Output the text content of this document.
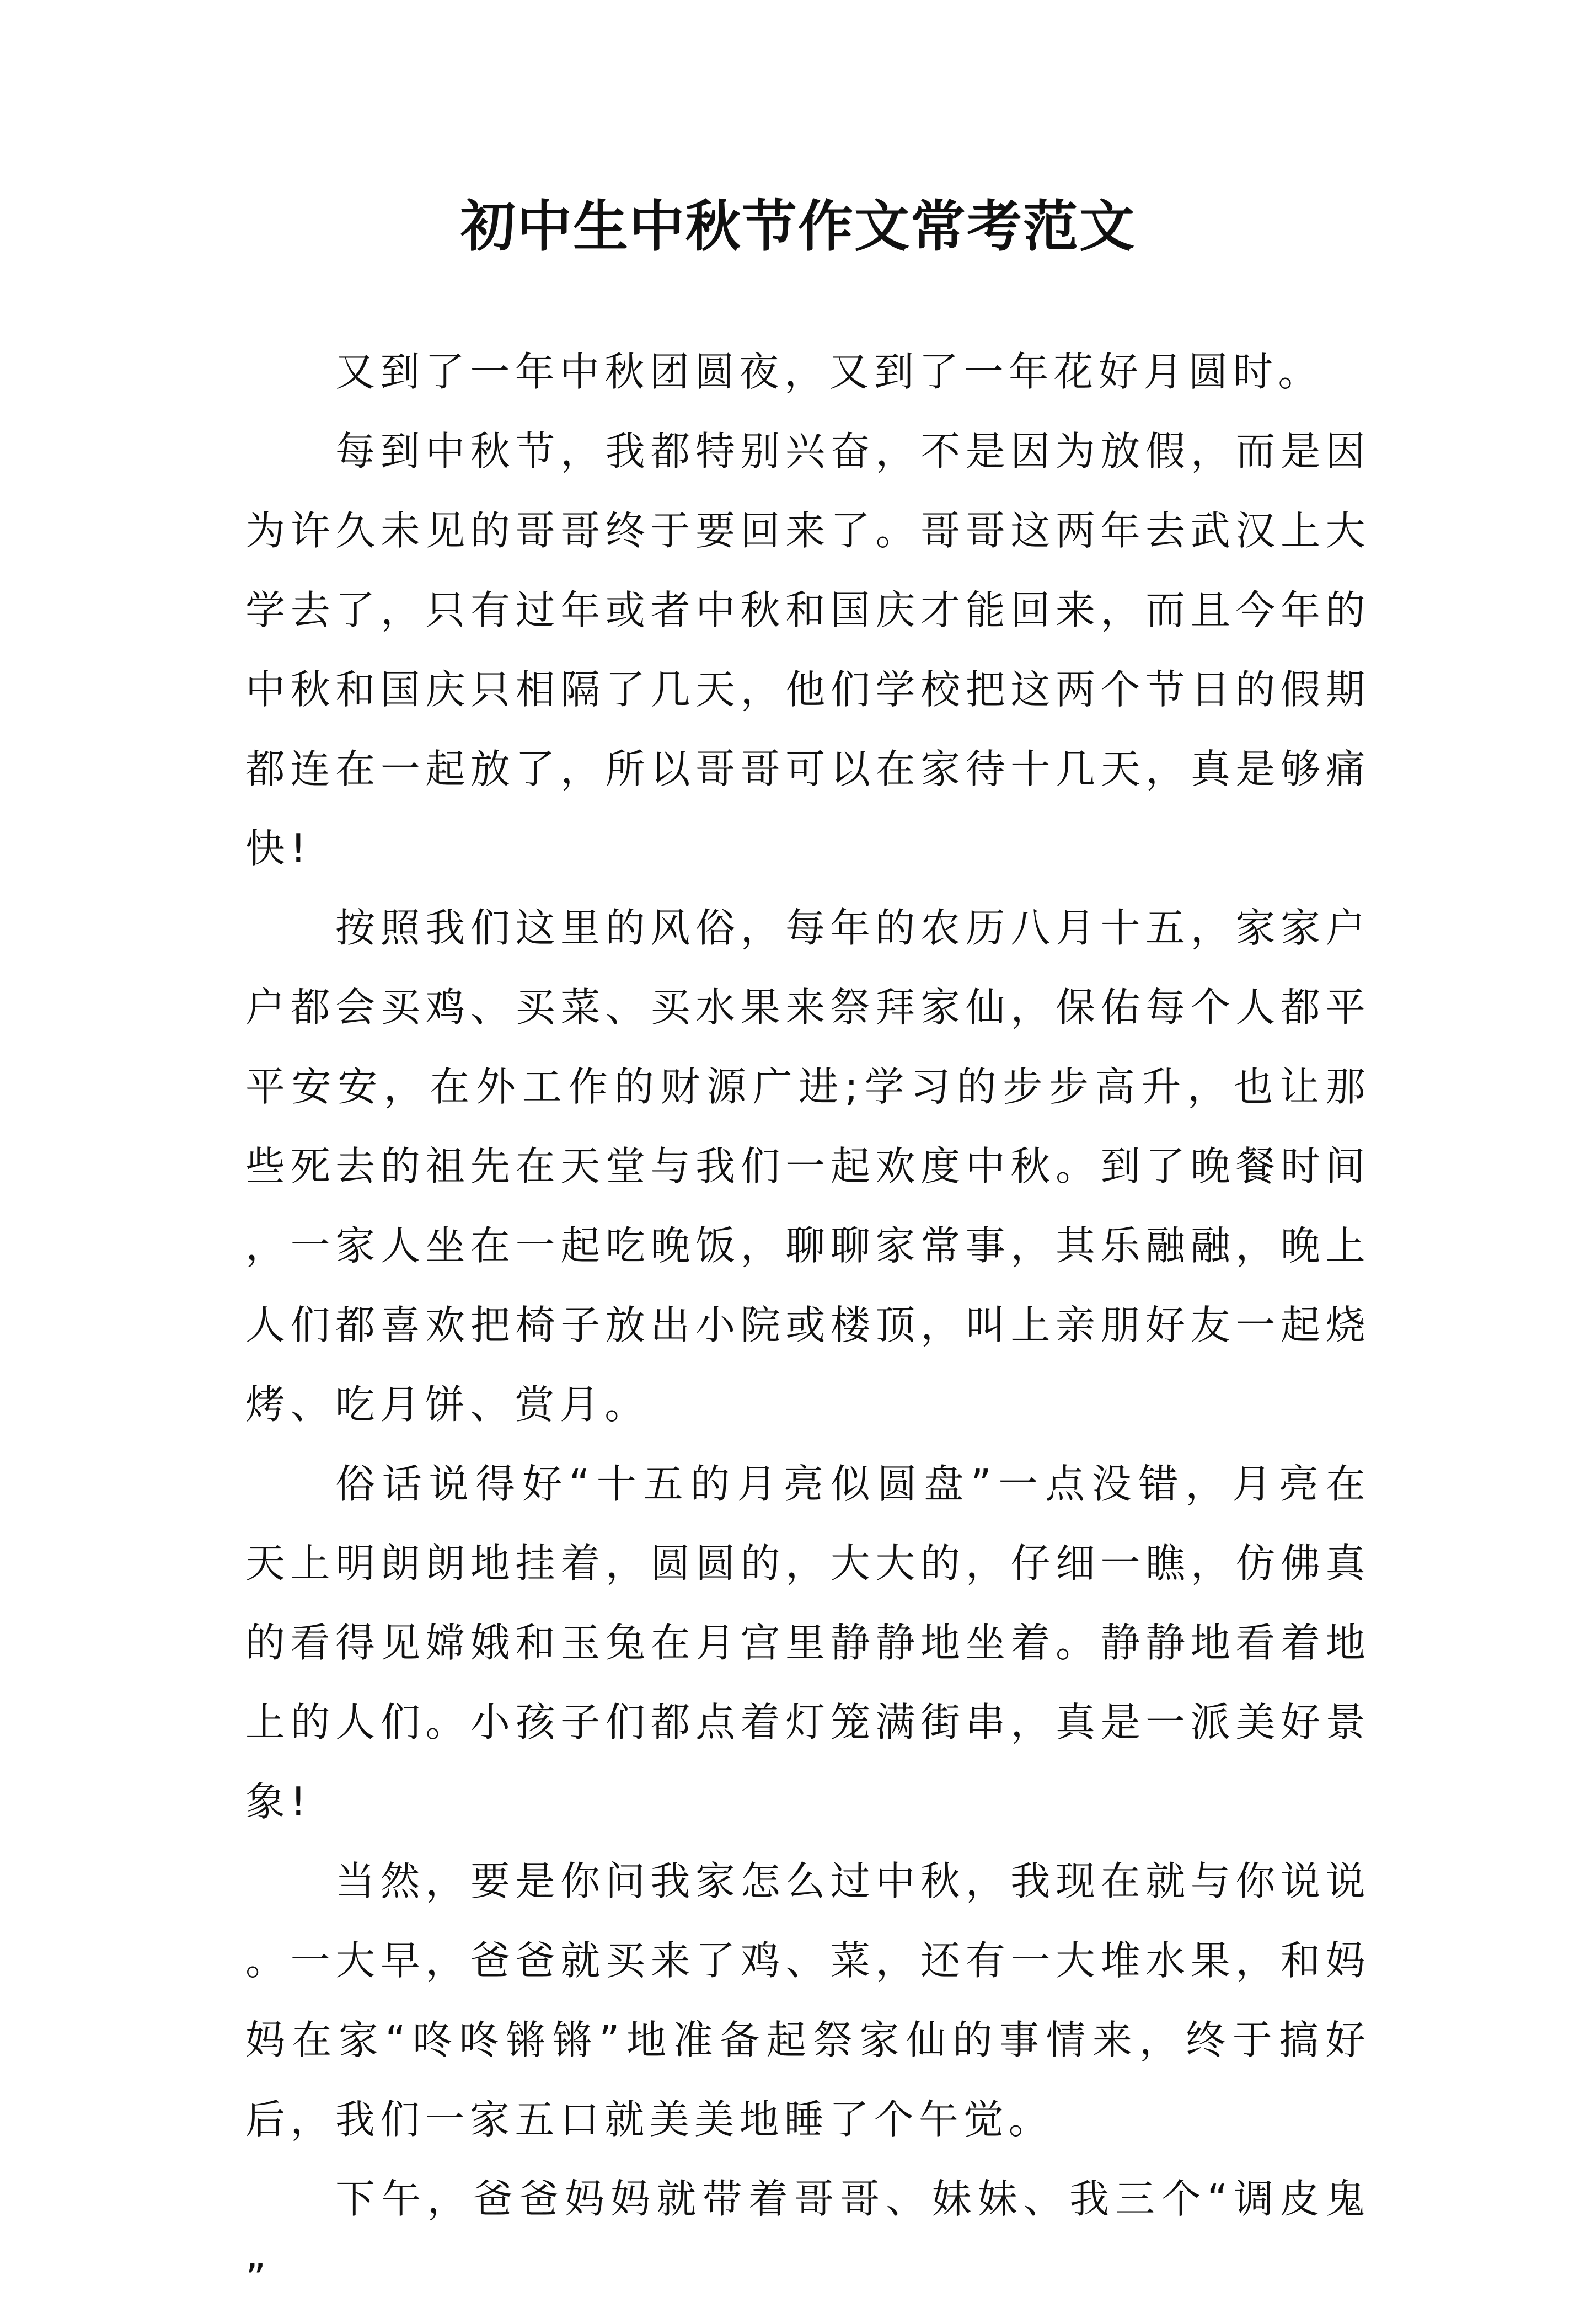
初中生中秋节作文常考范文

又到了一年中秋团圆夜，又到了一年花好月圆时。

每到中秋节，我都特别兴奋，不是因为放假，而是因为许久未见的哥哥终于要回来了。哥哥这两年去武汉上大学去了，只有过年或者中秋和国庆才能回来，而且今年的中秋和国庆只相隔了几天，他们学校把这两个节日的假期都连在一起放了，所以哥哥可以在家待十几天，真是够痛快!

按照我们这里的风俗，每年的农历八月十五，家家户户都会买鸡、买菜、买水果来祭拜家仙，保佑每个人都平平安安，在外工作的财源广进;学习的步步高升，也让那些死去的祖先在天堂与我们一起欢度中秋。到了晚餐时间，一家人坐在一起吃晚饭，聊聊家常事，其乐融融，晚上人们都喜欢把椅子放出小院或楼顶，叫上亲朋好友一起烧烤、吃月饼、赏月。

俗话说得好“十五的月亮似圆盘”一点没错，月亮在天上明朗朗地挂着，圆圆的，大大的，仔细一瞧，仿佛真的看得见嫦娥和玉兔在月宫里静静地坐着。静静地看着地上的人们。小孩子们都点着灯笼满街串，真是一派美好景象!

当然，要是你问我家怎么过中秋，我现在就与你说说。一大早，爸爸就买来了鸡、菜，还有一大堆水果，和妈妈在家“咚咚锵锵”地准备起祭家仙的事情来，终于搞好后，我们一家五口就美美地睡了个午觉。

下午，爸爸妈妈就带着哥哥、妹妹、我三个“调皮鬼”
